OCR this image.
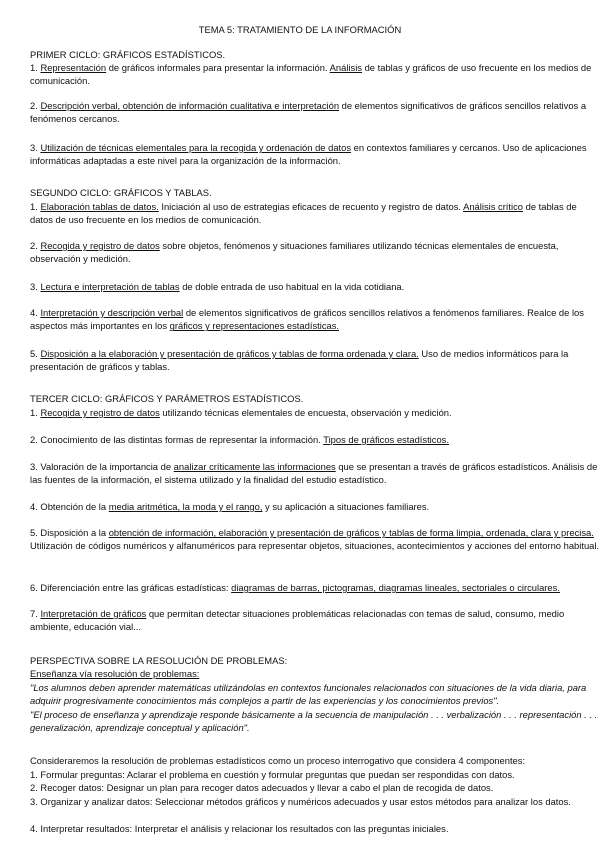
TEMA 5: TRATAMIENTO DE LA INFORMACIÓN
PRIMER CICLO: GRÁFICOS ESTADÍSTICOS.
1. Representación de gráficos informales para presentar la información. Análisis de tablas y gráficos de uso frecuente en los medios de comunicación.
2. Descripción verbal, obtención de información cualitativa e interpretación de elementos significativos de gráficos sencillos relativos a fenómenos cercanos.
3. Utilización de técnicas elementales para la recogida y ordenación de datos en contextos familiares y cercanos. Uso de aplicaciones informáticas adaptadas a este nivel para la organización de la información.
SEGUNDO CICLO: GRÁFICOS Y TABLAS.
1. Elaboración tablas de datos. Iniciación al uso de estrategias eficaces de recuento y registro de datos. Análisis crítico de tablas de datos de uso frecuente en los medios de comunicación.
2. Recogida y registro de datos sobre objetos, fenómenos y situaciones familiares utilizando técnicas elementales de encuesta, observación y medición.
3. Lectura e interpretación de tablas de doble entrada de uso habitual en la vida cotidiana.
4. Interpretación y descripción verbal de elementos significativos de gráficos sencillos relativos a fenómenos familiares. Realce de los aspectos más importantes en los gráficos y representaciones estadísticas.
5. Disposición a la elaboración y presentación de gráficos y tablas de forma ordenada y clara. Uso de medios informáticos para la presentación de gráficos y tablas.
TERCER CICLO: GRÁFICOS Y PARÁMETROS ESTADÍSTICOS.
1. Recogida y registro de datos utilizando técnicas elementales de encuesta, observación y medición.
2. Conocimiento de las distintas formas de representar la información. Tipos de gráficos estadísticos.
3. Valoración de la importancia de analizar críticamente las informaciones que se presentan a través de gráficos estadísticos. Análisis de las fuentes de la información, el sistema utilizado y la finalidad del estudio estadístico.
4. Obtención de la media aritmética, la moda y el rango, y su aplicación a situaciones familiares.
5. Disposición a la obtención de información, elaboración y presentación de gráficos y tablas de forma limpia, ordenada, clara y precisa. Utilización de códigos numéricos y alfanuméricos para representar objetos, situaciones, acontecimientos y acciones del entorno habitual.
6. Diferenciación entre las gráficas estadísticas: diagramas de barras, pictogramas, diagramas lineales, sectoriales o circulares.
7. Interpretación de gráficos que permitan detectar situaciones problemáticas relacionadas con temas de salud, consumo, medio ambiente, educación vial...
PERSPECTIVA SOBRE LA RESOLUCIÓN DE PROBLEMAS:
Enseñanza vía resolución de problemas:
"Los alumnos deben aprender matemáticas utilizándolas en contextos funcionales relacionados con situaciones de la vida diaria, para adquirir progresivamente conocimientos más complejos a partir de las experiencias y los conocimientos previos".
"El proceso de enseñanza y aprendizaje responde básicamente a la secuencia de manipulación . . . verbalización . . . representación . . . generalización, aprendizaje conceptual y aplicación".
Consideraremos la resolución de problemas estadísticos como un proceso interrogativo que considera 4 componentes:
1. Formular preguntas: Aclarar el problema en cuestión y formular preguntas que puedan ser respondidas con datos.
2. Recoger datos: Designar un plan para recoger datos adecuados y llevar a cabo el plan de recogida de datos.
3. Organizar y analizar datos: Seleccionar métodos gráficos y numéricos adecuados y usar estos métodos para analizar los datos.
4. Interpretar resultados: Interpretar el análisis y relacionar los resultados con las preguntas iniciales.
